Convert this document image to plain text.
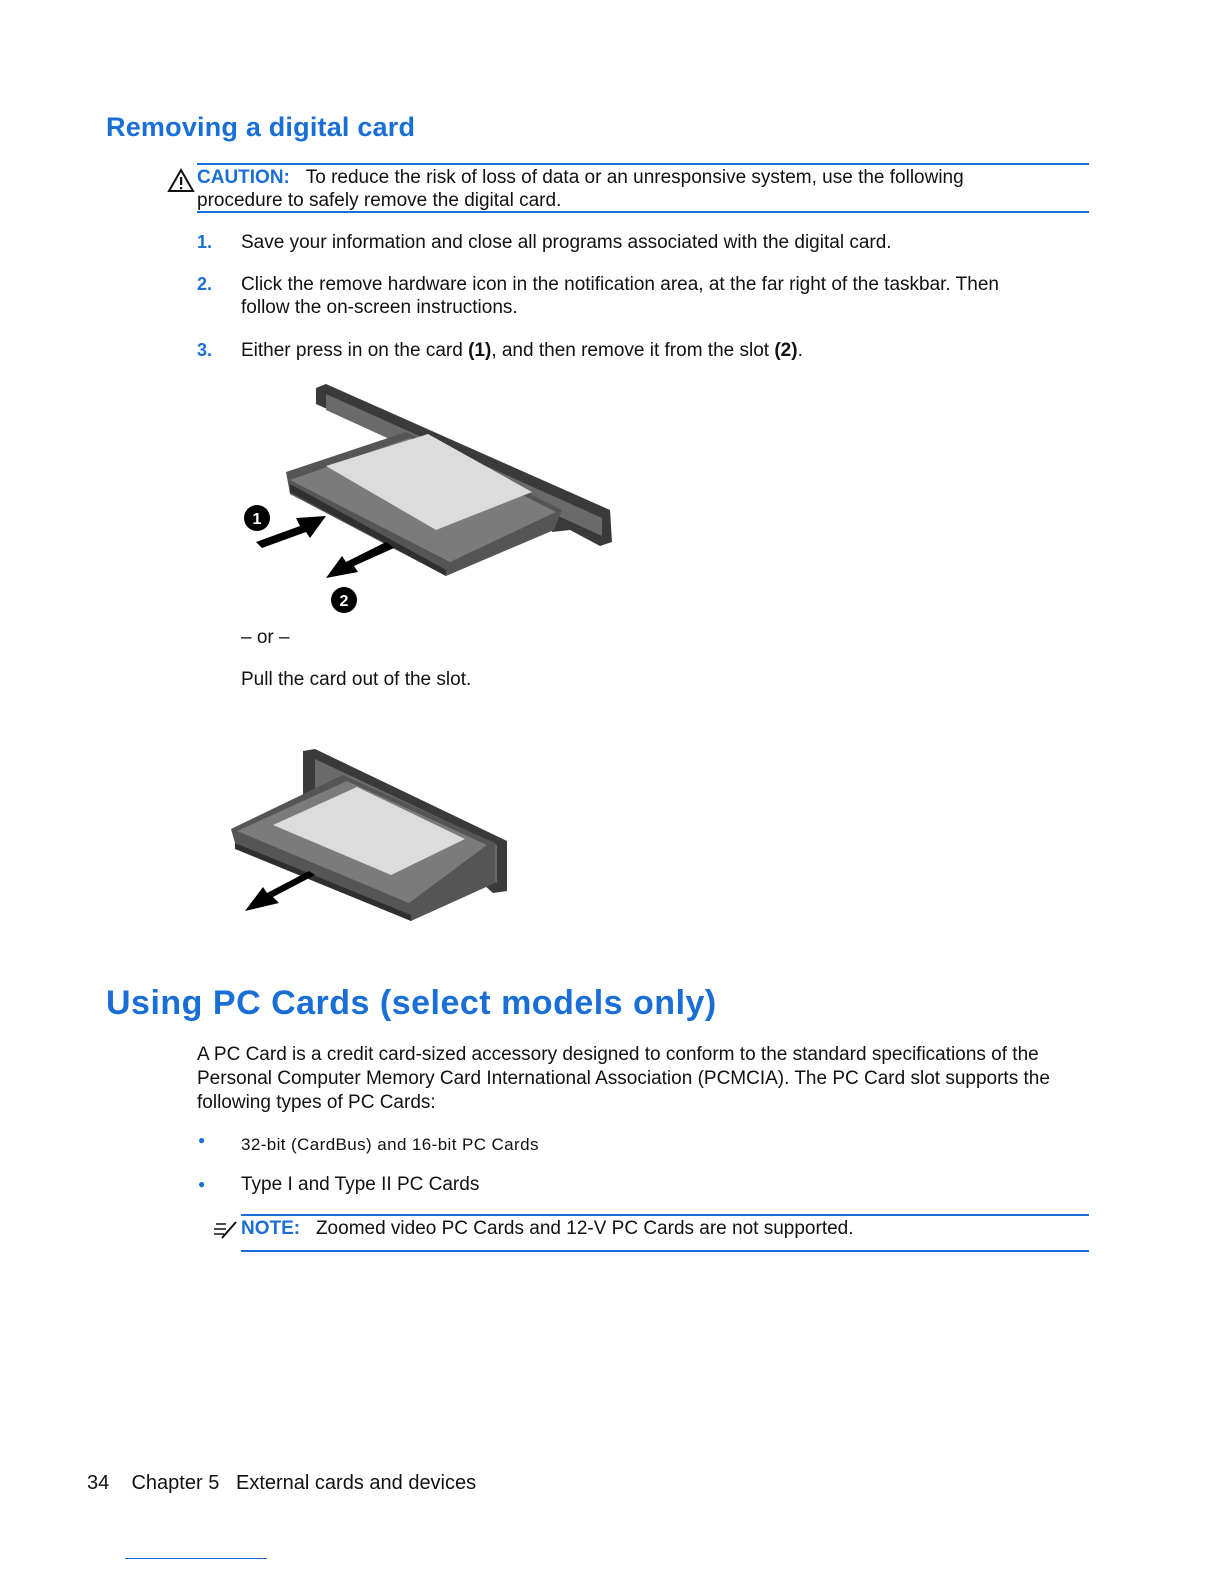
Removing a digital card
CAUTION: To reduce the risk of loss of data or an unresponsive system, use the following
procedure to safely remove the digital card.
1. Save your information and close all programs associated with the digital card.
2. Click the remove hardware icon in the notification area, at the far right of the taskbar. Then
follow the on-screen instructions.
3. Either press in on the card (1), and then remove it from the slot (2).
1
2
– or –
Pull the card out of the slot.
Using PC Cards (select models only)
A PC Card is a credit card-sized accessory designed to conform to the standard specifications of the
Personal Computer Memory Card International Association (PCMCIA). The PC Card slot supports the
following types of PC Cards:
● 32-bit (CardBus) and 16-bit PC Cards
● Type I and Type II PC Cards
NOTE: Zoomed video PC Cards and 12-V PC Cards are not supported.
34 Chapter 5 External cards and devices
